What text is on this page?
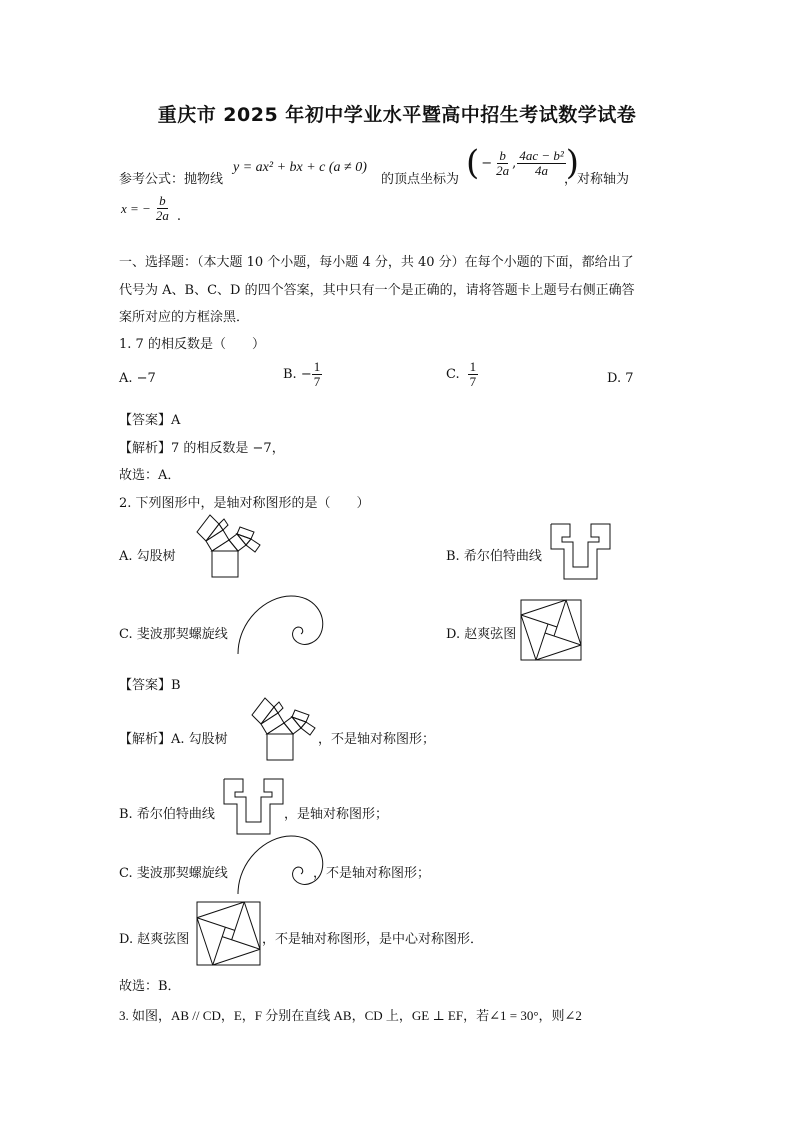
重庆市 2025 年初中学业水平暨高中招生考试数学试卷
参考公式：抛物线
y = ax² + bx + c (a ≠ 0)
的顶点坐标为 ( − $\frac{b}{2a}$ , $\frac{\text{4ac − b²}}{4a}$ )
，对称轴为
x = − $\frac{b}{2a}$ .
一、选择题：（本大题 10 个小题，每小题 4 分，共 40 分）在每个小题的下面，都给出了
代号为 A、B、C、D 的四个答案，其中只有一个是正确的，请将答题卡上题号右侧正确答
案所对应的方框涂黑．
1. 7 的相反数是（　　）
A. −7	B. − $\frac{1}{7}$	C. $\frac{1}{7}$	D. 7
【答案】A
【解析】7 的相反数是 −7，
故选：A．
2. 下列图形中，是轴对称图形的是（　　）
A. 勾股树	B. 希尔伯特曲线
C. 斐波那契螺旋线	D. 赵爽弦图
【答案】B
【解析】A. 勾股树	，不是轴对称图形；
B. 希尔伯特曲线	，是轴对称图形；
C. 斐波那契螺旋线	，不是轴对称图形；
D. 赵爽弦图	，不是轴对称图形，是中心对称图形．
故选：B．
3. 如图，AB // CD，E，F 分别在直线 AB，CD 上，GE ⊥ EF，若∠1 = 30°，则∠2
